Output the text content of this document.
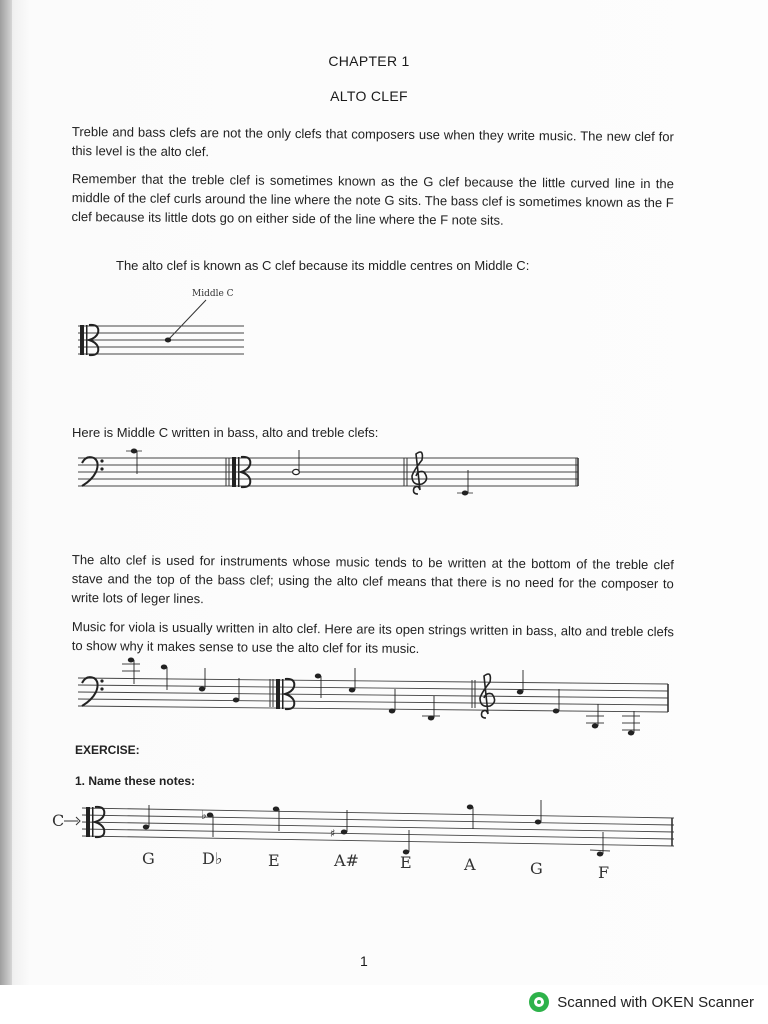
CHAPTER 1
ALTO CLEF
Treble and bass clefs are not the only clefs that composers use when they write music. The new clef for this level is the alto clef.
Remember that the treble clef is sometimes known as the G clef because the little curved line in the middle of the clef curls around the line where the note G sits. The bass clef is sometimes known as the F clef because its little dots go on either side of the line where the F note sits.
The alto clef is known as C clef because its middle centres on Middle C:
Middle C
Here is Middle C written in bass, alto and treble clefs:
The alto clef is used for instruments whose music tends to be written at the bottom of the treble clef stave and the top of the bass clef; using the alto clef means that there is no need for the composer to write lots of leger lines.
Music for viola is usually written in alto clef. Here are its open strings written in bass, alto and treble clefs to show why it makes sense to use the alto clef for its music.
EXERCISE:
1. Name these notes:
C	♭
♯
G	D♭	E	A#	E	A	G	F
1
Scanned with OKEN Scanner
